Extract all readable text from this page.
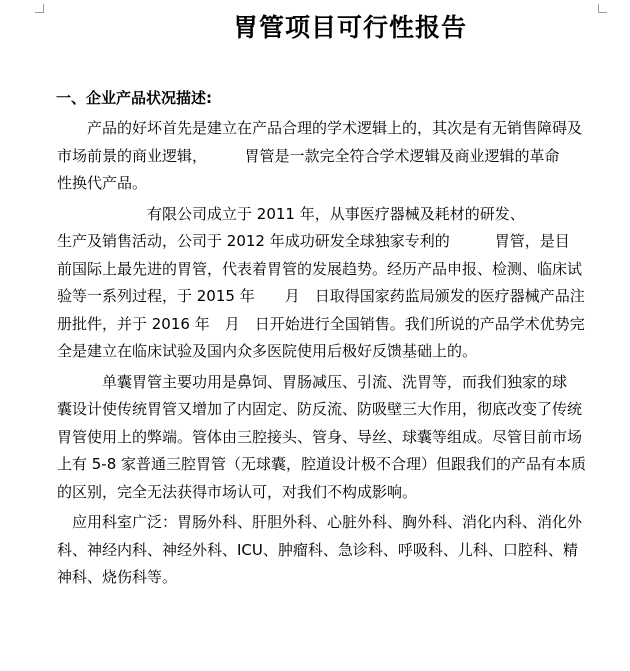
胃管项目可行性报告
一、企业产品状况描述:

　　产品的好坏首先是建立在产品合理的学术逻辑上的，其次是有无销售障碍及
市场前景的商业逻辑，　　　胃管是一款完全符合学术逻辑及商业逻辑的革命
性换代产品。

　　　　　　有限公司成立于 2011 年，从事医疗器械及耗材的研发、
生产及销售活动，公司于 2012 年成功研发全球独家专利的　　　胃管，是目
前国际上最先进的胃管，代表着胃管的发展趋势。经历产品申报、检测、临床试
验等一系列过程，于 2015 年　　月　日取得国家药监局颁发的医疗器械产品注
册批件，并于 2016 年　月　日开始进行全国销售。我们所说的产品学术优势完
全是建立在临床试验及国内众多医院使用后极好反馈基础上的。

　　　单囊胃管主要功用是鼻饲、胃肠减压、引流、洗胃等，而我们独家的球
囊设计使传统胃管又增加了内固定、防反流、防吸壁三大作用，彻底改变了传统
胃管使用上的弊端。管体由三腔接头、管身、导丝、球囊等组成。尽管目前市场
上有 5-8 家普通三腔胃管（无球囊，腔道设计极不合理）但跟我们的产品有本质
的区别，完全无法获得市场认可，对我们不构成影响。

　应用科室广泛：胃肠外科、肝胆外科、心脏外科、胸外科、消化内科、消化外
科、神经内科、神经外科、ICU、肿瘤科、急诊科、呼吸科、儿科、口腔科、精
神科、烧伤科等。
